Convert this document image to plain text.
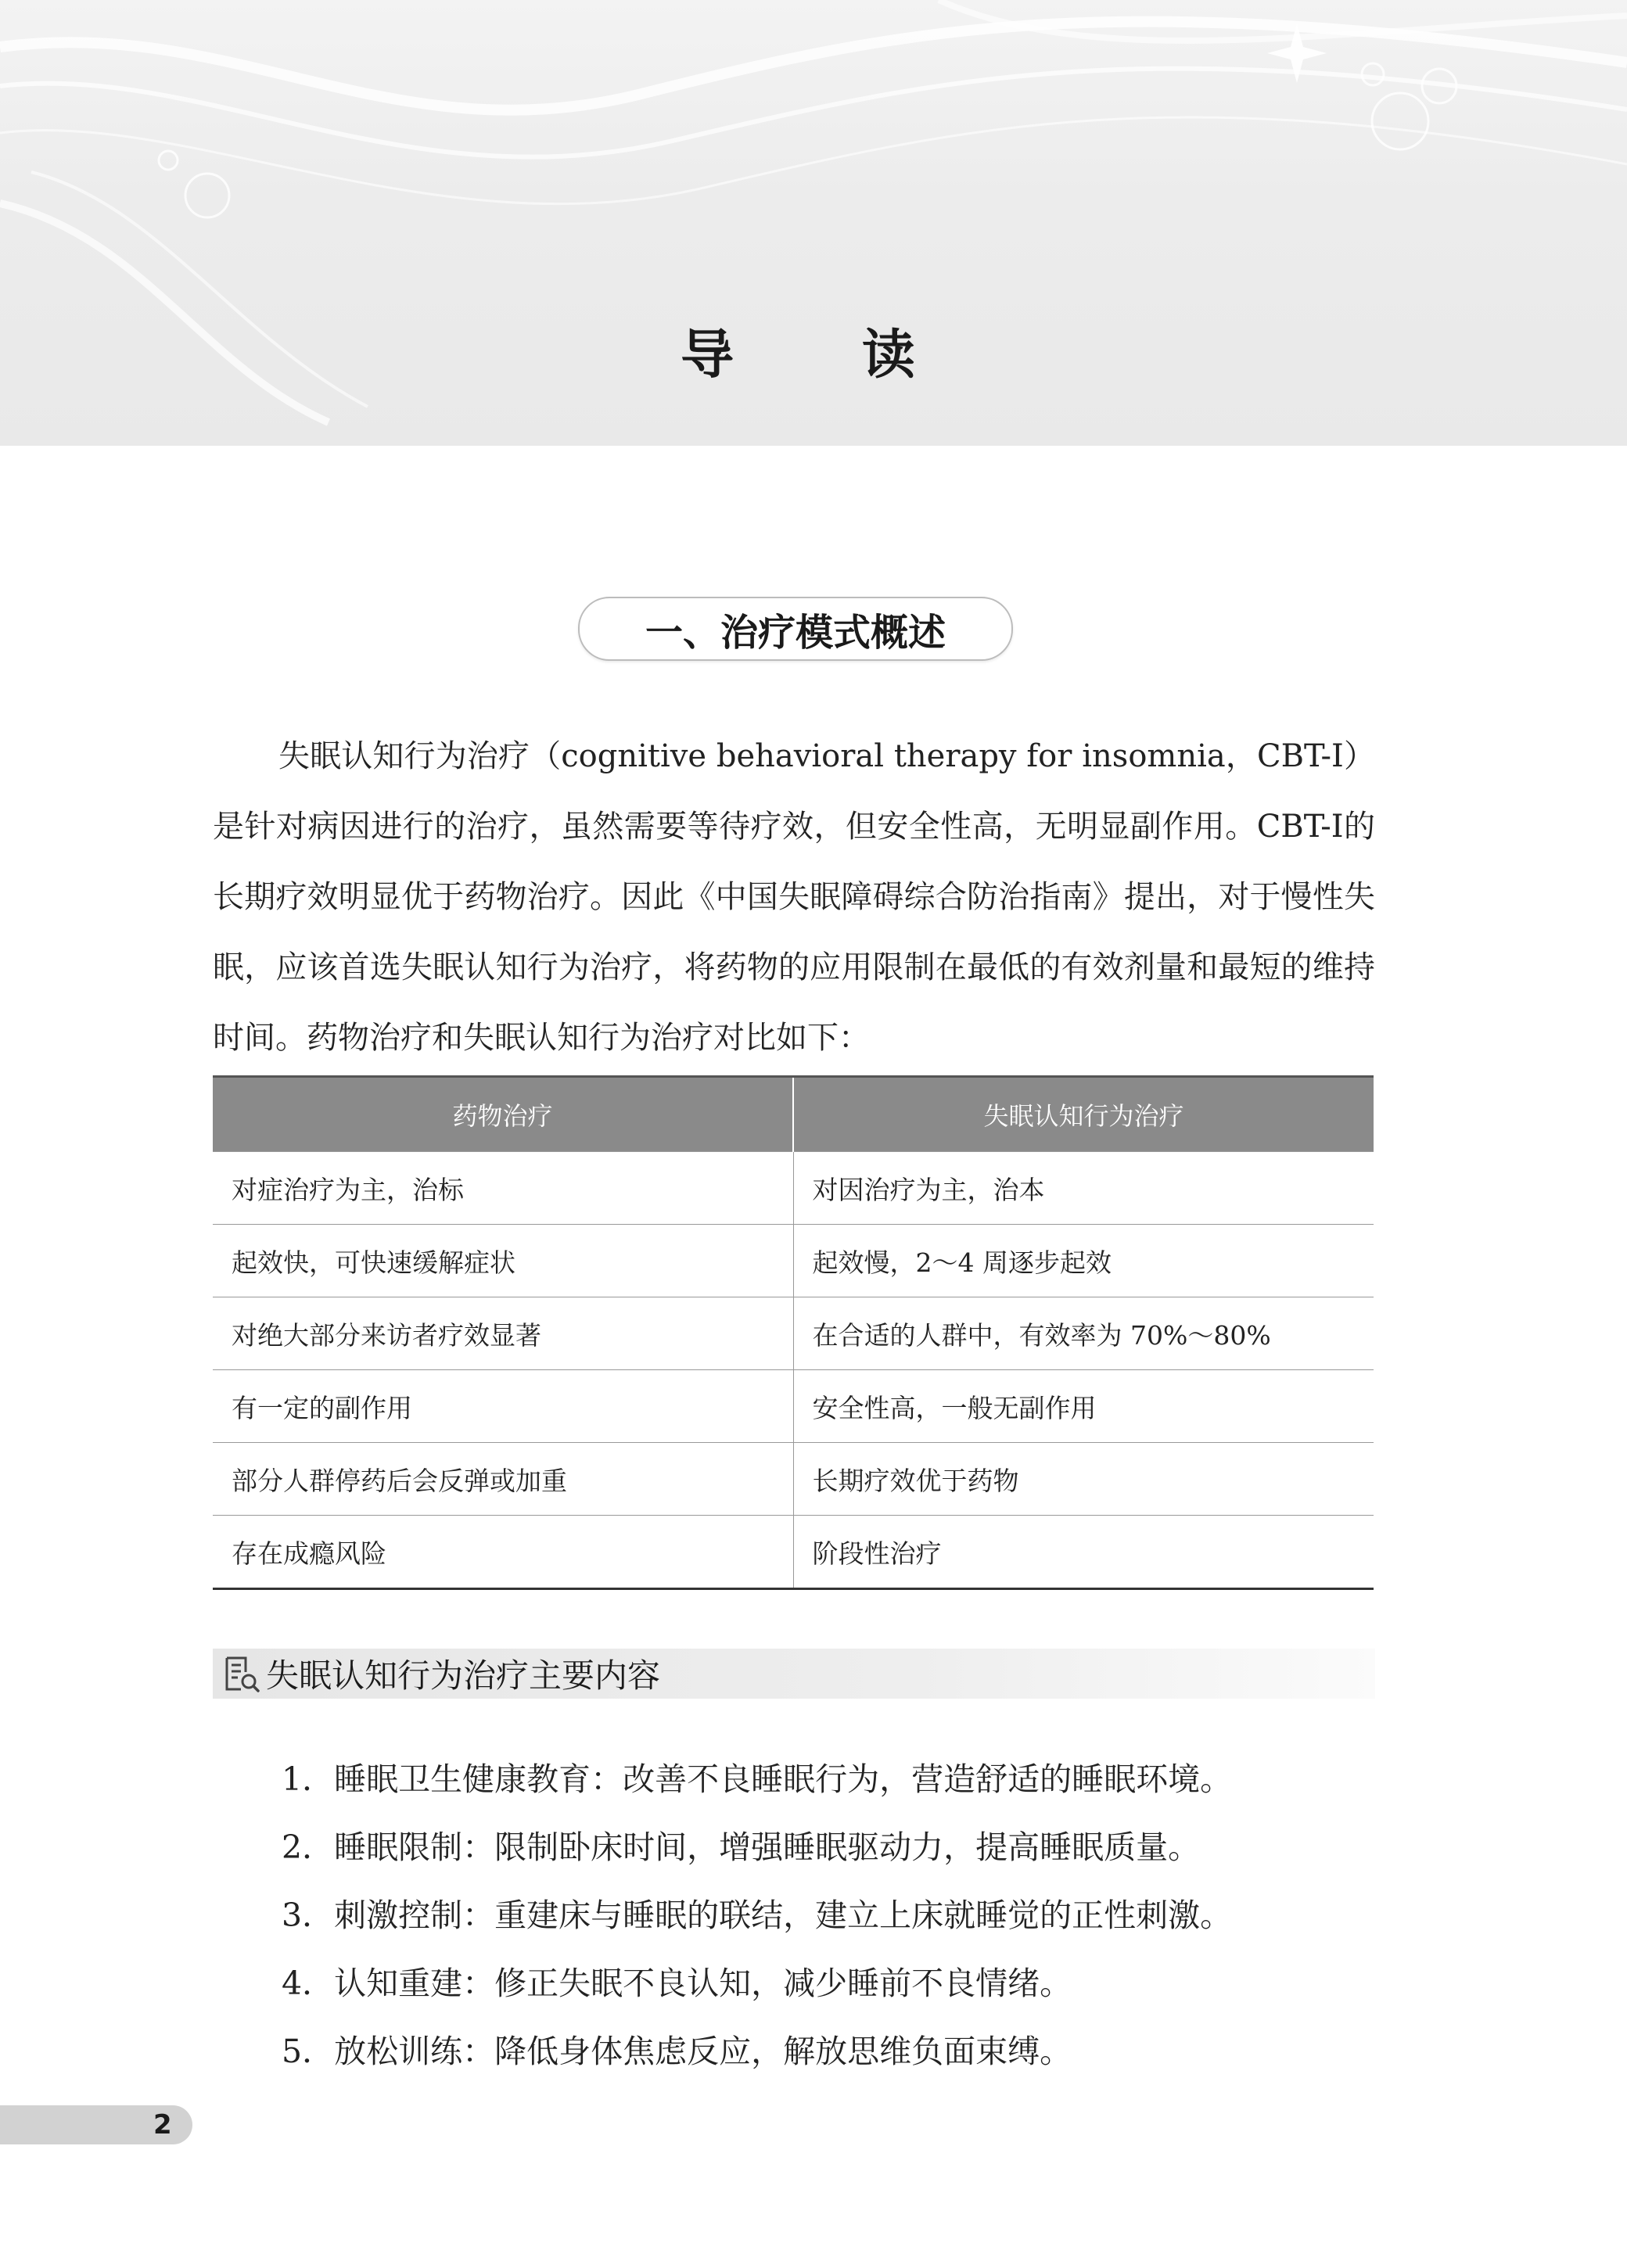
导 读
一、治疗模式概述

失眠认知行为治疗（cognitive behavioral therapy for insomnia，CBT-I）是针对病因进行的治疗，虽然需要等待疗效，但安全性高，无明显副作用。CBT-I的长期疗效明显优于药物治疗。因此《中国失眠障碍综合防治指南》提出，对于慢性失眠，应该首选失眠认知行为治疗，将药物的应用限制在最低的有效剂量和最短的维持时间。药物治疗和失眠认知行为治疗对比如下：

药物治疗	失眠认知行为治疗
对症治疗为主，治标	对因治疗为主，治本
起效快，可快速缓解症状	起效慢，2～4 周逐步起效
对绝大部分来访者疗效显著	在合适的人群中，有效率为 70%～80%
有一定的副作用	安全性高，一般无副作用
部分人群停药后会反弹或加重	长期疗效优于药物
存在成瘾风险	阶段性治疗
失眠认知行为治疗主要内容
1．睡眠卫生健康教育：改善不良睡眠行为，营造舒适的睡眠环境。
2．睡眠限制：限制卧床时间，增强睡眠驱动力，提高睡眠质量。
3．刺激控制：重建床与睡眠的联结，建立上床就睡觉的正性刺激。
4．认知重建：修正失眠不良认知，减少睡前不良情绪。
5．放松训练：降低身体焦虑反应，解放思维负面束缚。
2
